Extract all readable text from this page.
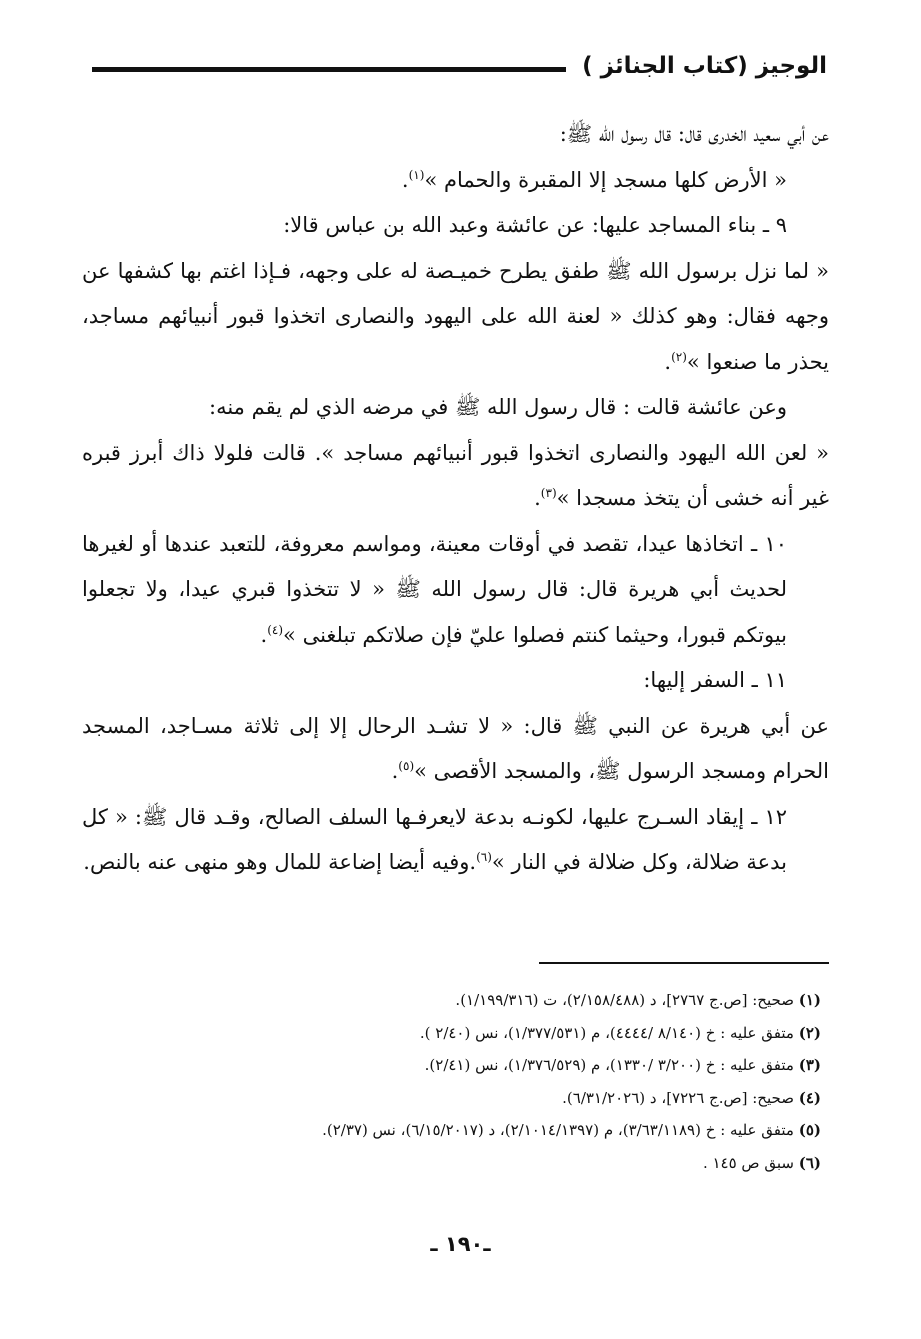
الوجيز (كتاب الجنائز )

عن أبي سعيد الخدرى قال: قال رسول الله ﷺ:

« الأرض كلها مسجد إلا المقبرة والحمام »$^{(١)}$.

٩ ـ بناء المساجد عليها: عن عائشة وعبد الله بن عباس قالا:

« لما نزل برسول الله ﷺ طفق يطرح خميـصة له على وجهه، فـإذا اغتم بها كشفها عن وجهه فقال: وهو كذلك « لعنة الله على اليهود والنصارى اتخذوا قبور أنبيائهم مساجد، يحذر ما صنعوا »$^{(٢)}$.

وعن عائشة قالت : قال رسول الله ﷺ في مرضه الذي لم يقم منه:

« لعن الله اليهود والنصارى اتخذوا قبور أنبيائهم مساجد ». قالت فلولا ذاك أبرز قبره غير أنه خشى أن يتخذ مسجدا »$^{(٣)}$.

١٠ ـ اتخاذها عيدا، تقصد في أوقات معينة، ومواسم معروفة، للتعبد عندها أو لغيرها لحديث أبي هريرة قال: قال رسول الله ﷺ « لا تتخذوا قبري عيدا، ولا تجعلوا بيوتكم قبورا، وحيثما كنتم فصلوا عليّ فإن صلاتكم تبلغنى »$^{(٤)}$.

١١ ـ السفر إليها:

عن أبي هريرة عن النبي ﷺ قال: « لا تشـد الرحال إلا إلى ثلاثة مسـاجد، المسجد الحرام ومسجد الرسول ﷺ، والمسجد الأقصى »$^{(٥)}$.

١٢ ـ إيقاد السـرج عليها، لكونـه بدعة لايعرفـها السلف الصالح، وقـد قال ﷺ: « كل بدعة ضلالة، وكل ضلالة في النار »$^{(٦)}$.وفيه أيضا إضاعة للمال وهو منهى عنه بالنص.

(١) صحيح: [ص.ج ٢٧٦٧]، د (٢/١٥٨/٤٨٨)، ت (١/١٩٩/٣١٦).
(٢) متفق عليه : خ (٨/١٤٠ /٤٤٤٤)، م (١/٣٧٧/٥٣١)، نس (٢/٤٠ ).
(٣) متفق عليه : خ (٣/٢٠٠ /١٣٣٠)، م (١/٣٧٦/٥٢٩)، نس (٢/٤١).
(٤) صحيح: [ص.ج ٧٢٢٦]، د (٦/٣١/٢٠٢٦).
(٥) متفق عليه : خ (٣/٦٣/١١٨٩)، م (٢/١٠١٤/١٣٩٧)، د (٦/١٥/٢٠١٧)، نس (٢/٣٧).
(٦) سبق ص ١٤٥ .
ـ١٩٠ ـ
